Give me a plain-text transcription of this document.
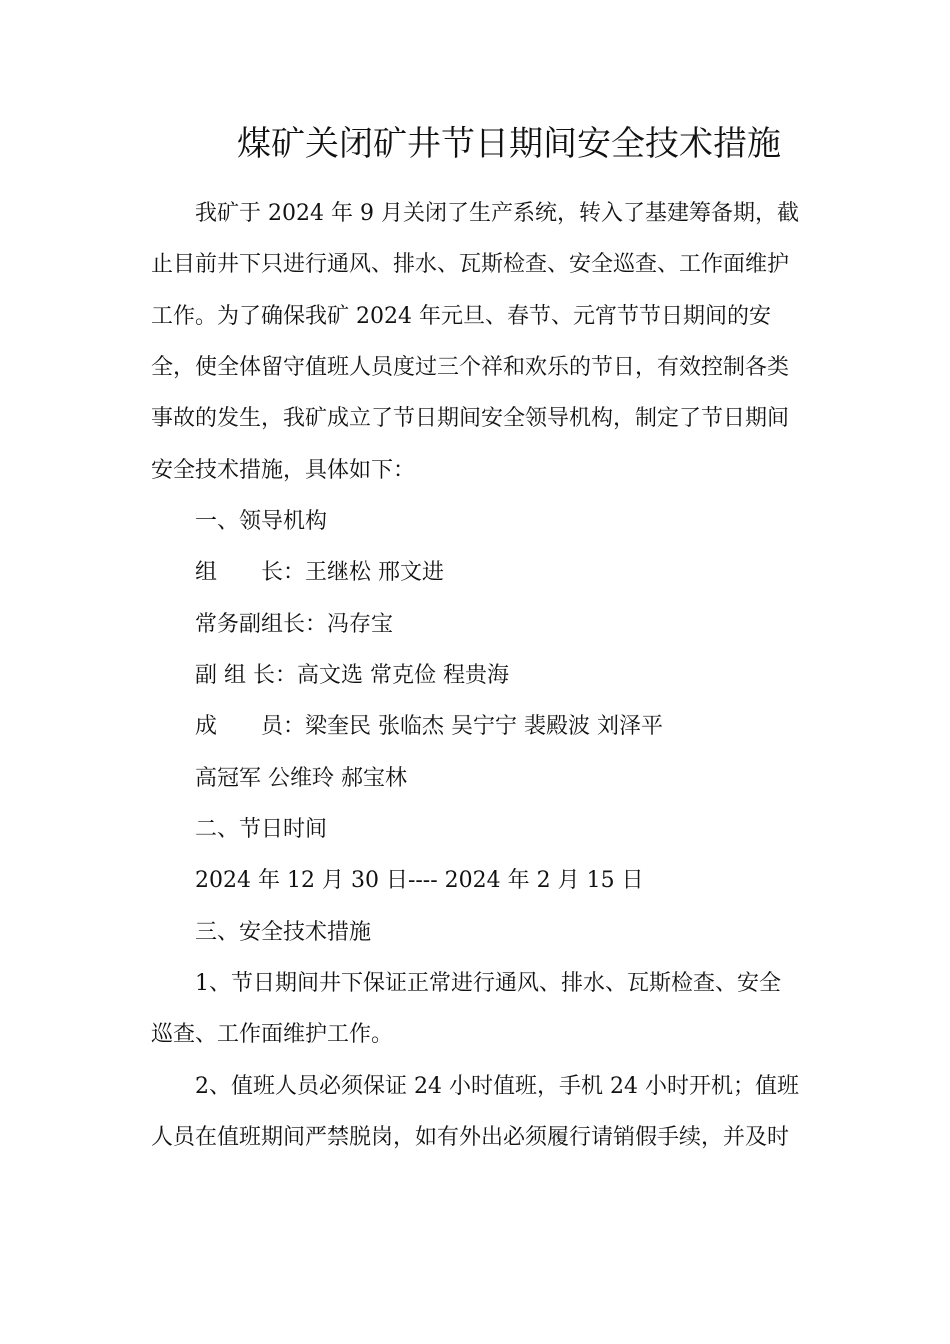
煤矿关闭矿井节日期间安全技术措施
我矿于 2024 年 9 月关闭了生产系统，转入了基建筹备期，截
止目前井下只进行通风、排水、瓦斯检查、安全巡查、工作面维护
工作。为了确保我矿 2024 年元旦、春节、元宵节节日期间的安
全，使全体留守值班人员度过三个祥和欢乐的节日，有效控制各类
事故的发生，我矿成立了节日期间安全领导机构，制定了节日期间
安全技术措施，具体如下：
一、领导机构
组　　长：王继松 邢文进
常务副组长：冯存宝
副 组 长：高文选 常克俭 程贵海
成　　员：梁奎民 张临杰 吴宁宁 裴殿波 刘泽平
高冠军 公维玲 郝宝林
二、节日时间
2024 年 12 月 30 日---- 2024 年 2 月 15 日
三、安全技术措施
1、节日期间井下保证正常进行通风、排水、瓦斯检查、安全
巡查、工作面维护工作。
2、值班人员必须保证 24 小时值班，手机 24 小时开机；值班
人员在值班期间严禁脱岗，如有外出必须履行请销假手续，并及时
